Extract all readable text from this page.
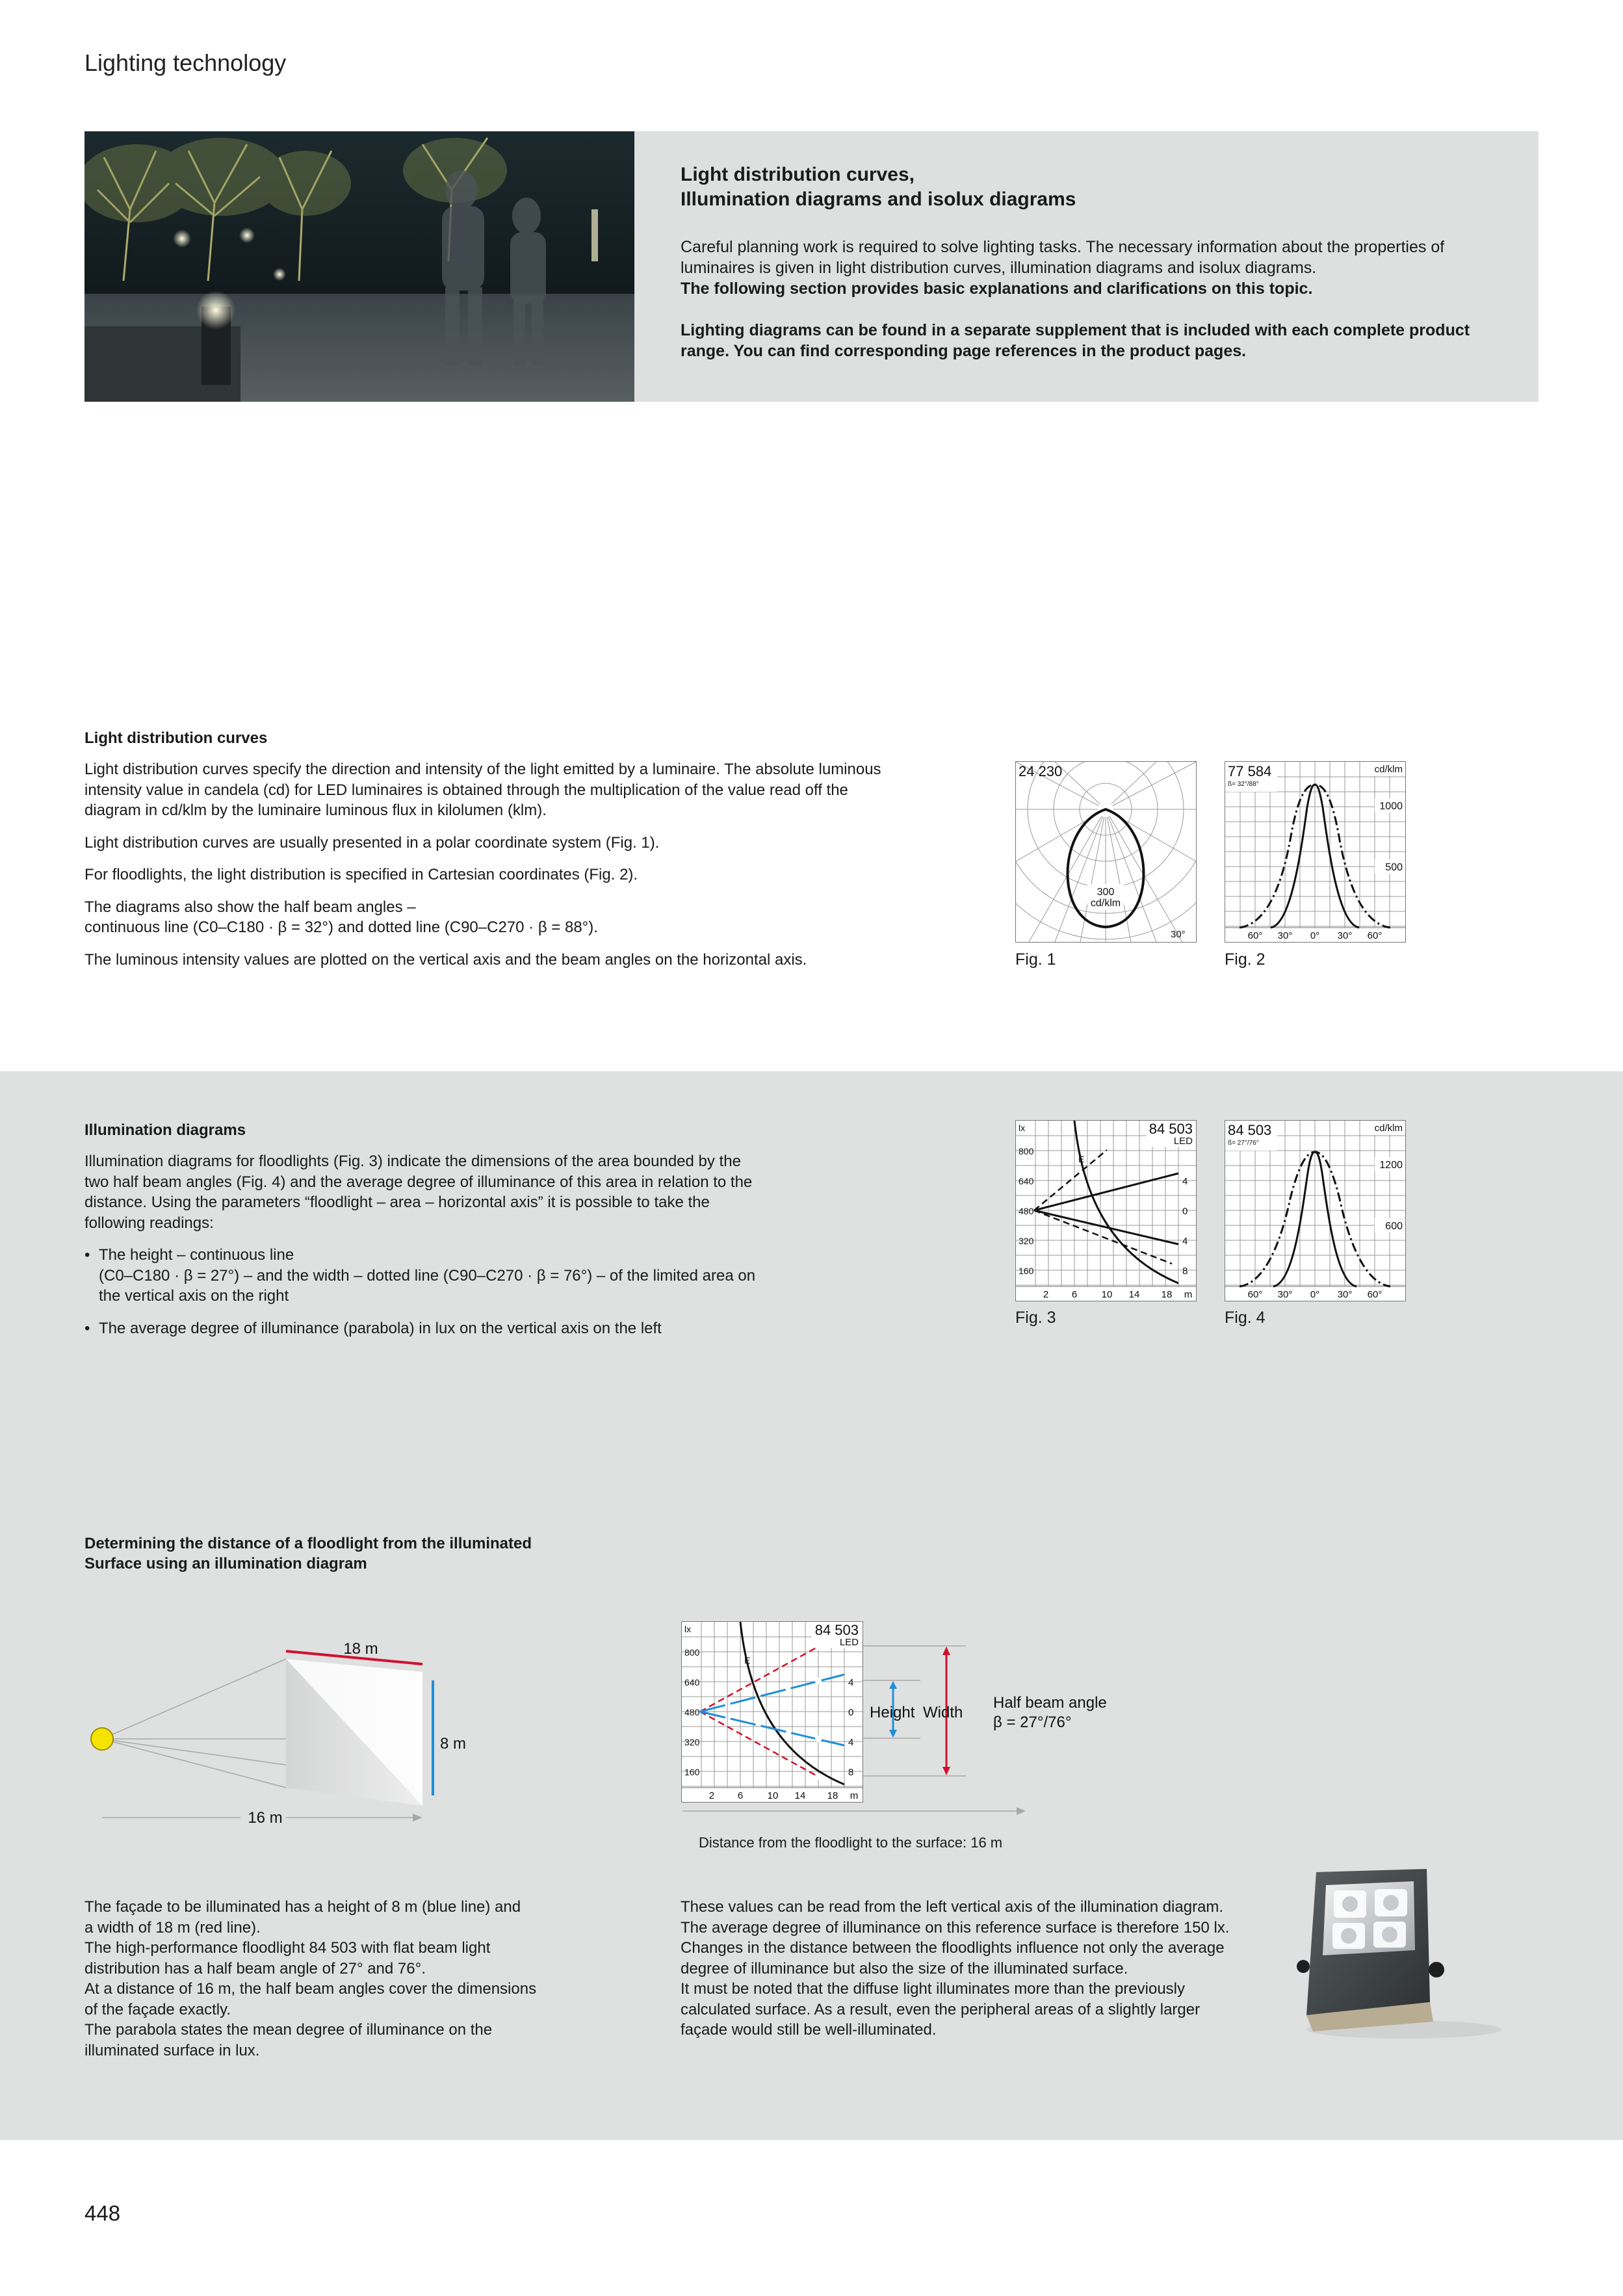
Lighting technology
Light distribution curves,
Illumination diagrams and isolux diagrams

Careful planning work is required to solve lighting tasks. The necessary information about the properties of luminaires is given in light distribution curves, illumination diagrams and isolux diagrams.
The following section provides basic explanations and clarifications on this topic.

Lighting diagrams can be found in a separate supplement that is included with each complete product range. You can find corresponding page references in the product pages.

Light distribution curves

Light distribution curves specify the direction and intensity of the light emitted by a luminaire. The absolute luminous intensity value in candela (cd) for LED luminaires is obtained through the multiplication of the value read off the diagram in cd/klm by the luminaire luminous flux in kilolumen (klm).

Light distribution curves are usually presented in a polar coordinate system (Fig. 1).

For floodlights, the light distribution is specified in Cartesian coordinates (Fig. 2).

The diagrams also show the half beam angles –
continuous line (C0–C180 · β = 32°) and dotted line (C90–C270 · β = 88°).

The luminous intensity values are plotted on the vertical axis and the beam angles on the horizontal axis.

24 230
300
cd/klm
30°
Fig. 1
77 584
ß= 32°/88°
cd/klm
1000
500
60° 30° 0° 30° 60°
Fig. 2
Illumination diagrams

Illumination diagrams for floodlights (Fig. 3) indicate the dimensions of the area bounded by the two half beam angles (Fig. 4) and the average degree of illuminance of this area in relation to the distance. Using the parameters “floodlight – area – horizontal axis” it is possible to take the following readings:

• The height – continuous line
(C0–C180 · β = 27°) – and the width – dotted line (C90–C270 · β = 76°) – of the limited area on the vertical axis on the right
• The average degree of illuminance (parabola) in lux on the vertical axis on the left
lx
E
84 503
LED
800
640
480
320
160
4
0
4
8
2 6 10 14 18 m
Fig. 3
84 503
ß= 27°/76°
cd/klm
1200
600
60° 30° 0° 30° 60°
Fig. 4
Determining the distance of a floodlight from the illuminated
Surface using an illumination diagram
16 m
18 m
8 m
lx
E
84 503
LED
800
640
480
320
160
4
0
4
8
2 6 10 14 18 m
Height Width
Half beam angle
β = 27°/76°
Distance from the floodlight to the surface: 16 m
The façade to be illuminated has a height of 8 m (blue line) and
a width of 18 m (red line).
The high-performance floodlight 84 503 with flat beam light
distribution has a half beam angle of 27° and 76°.
At a distance of 16 m, the half beam angles cover the dimensions
of the façade exactly.
The parabola states the mean degree of illuminance on the
illuminated surface in lux.
These values can be read from the left vertical axis of the illumination diagram. The average degree of illuminance on this reference surface is therefore 150 lx.
Changes in the distance between the floodlights influence not only the average degree of illuminance but also the size of the illuminated surface.
It must be noted that the diffuse light illuminates more than the previously calculated surface. As a result, even the peripheral areas of a slightly larger façade would still be well-illuminated.
448
